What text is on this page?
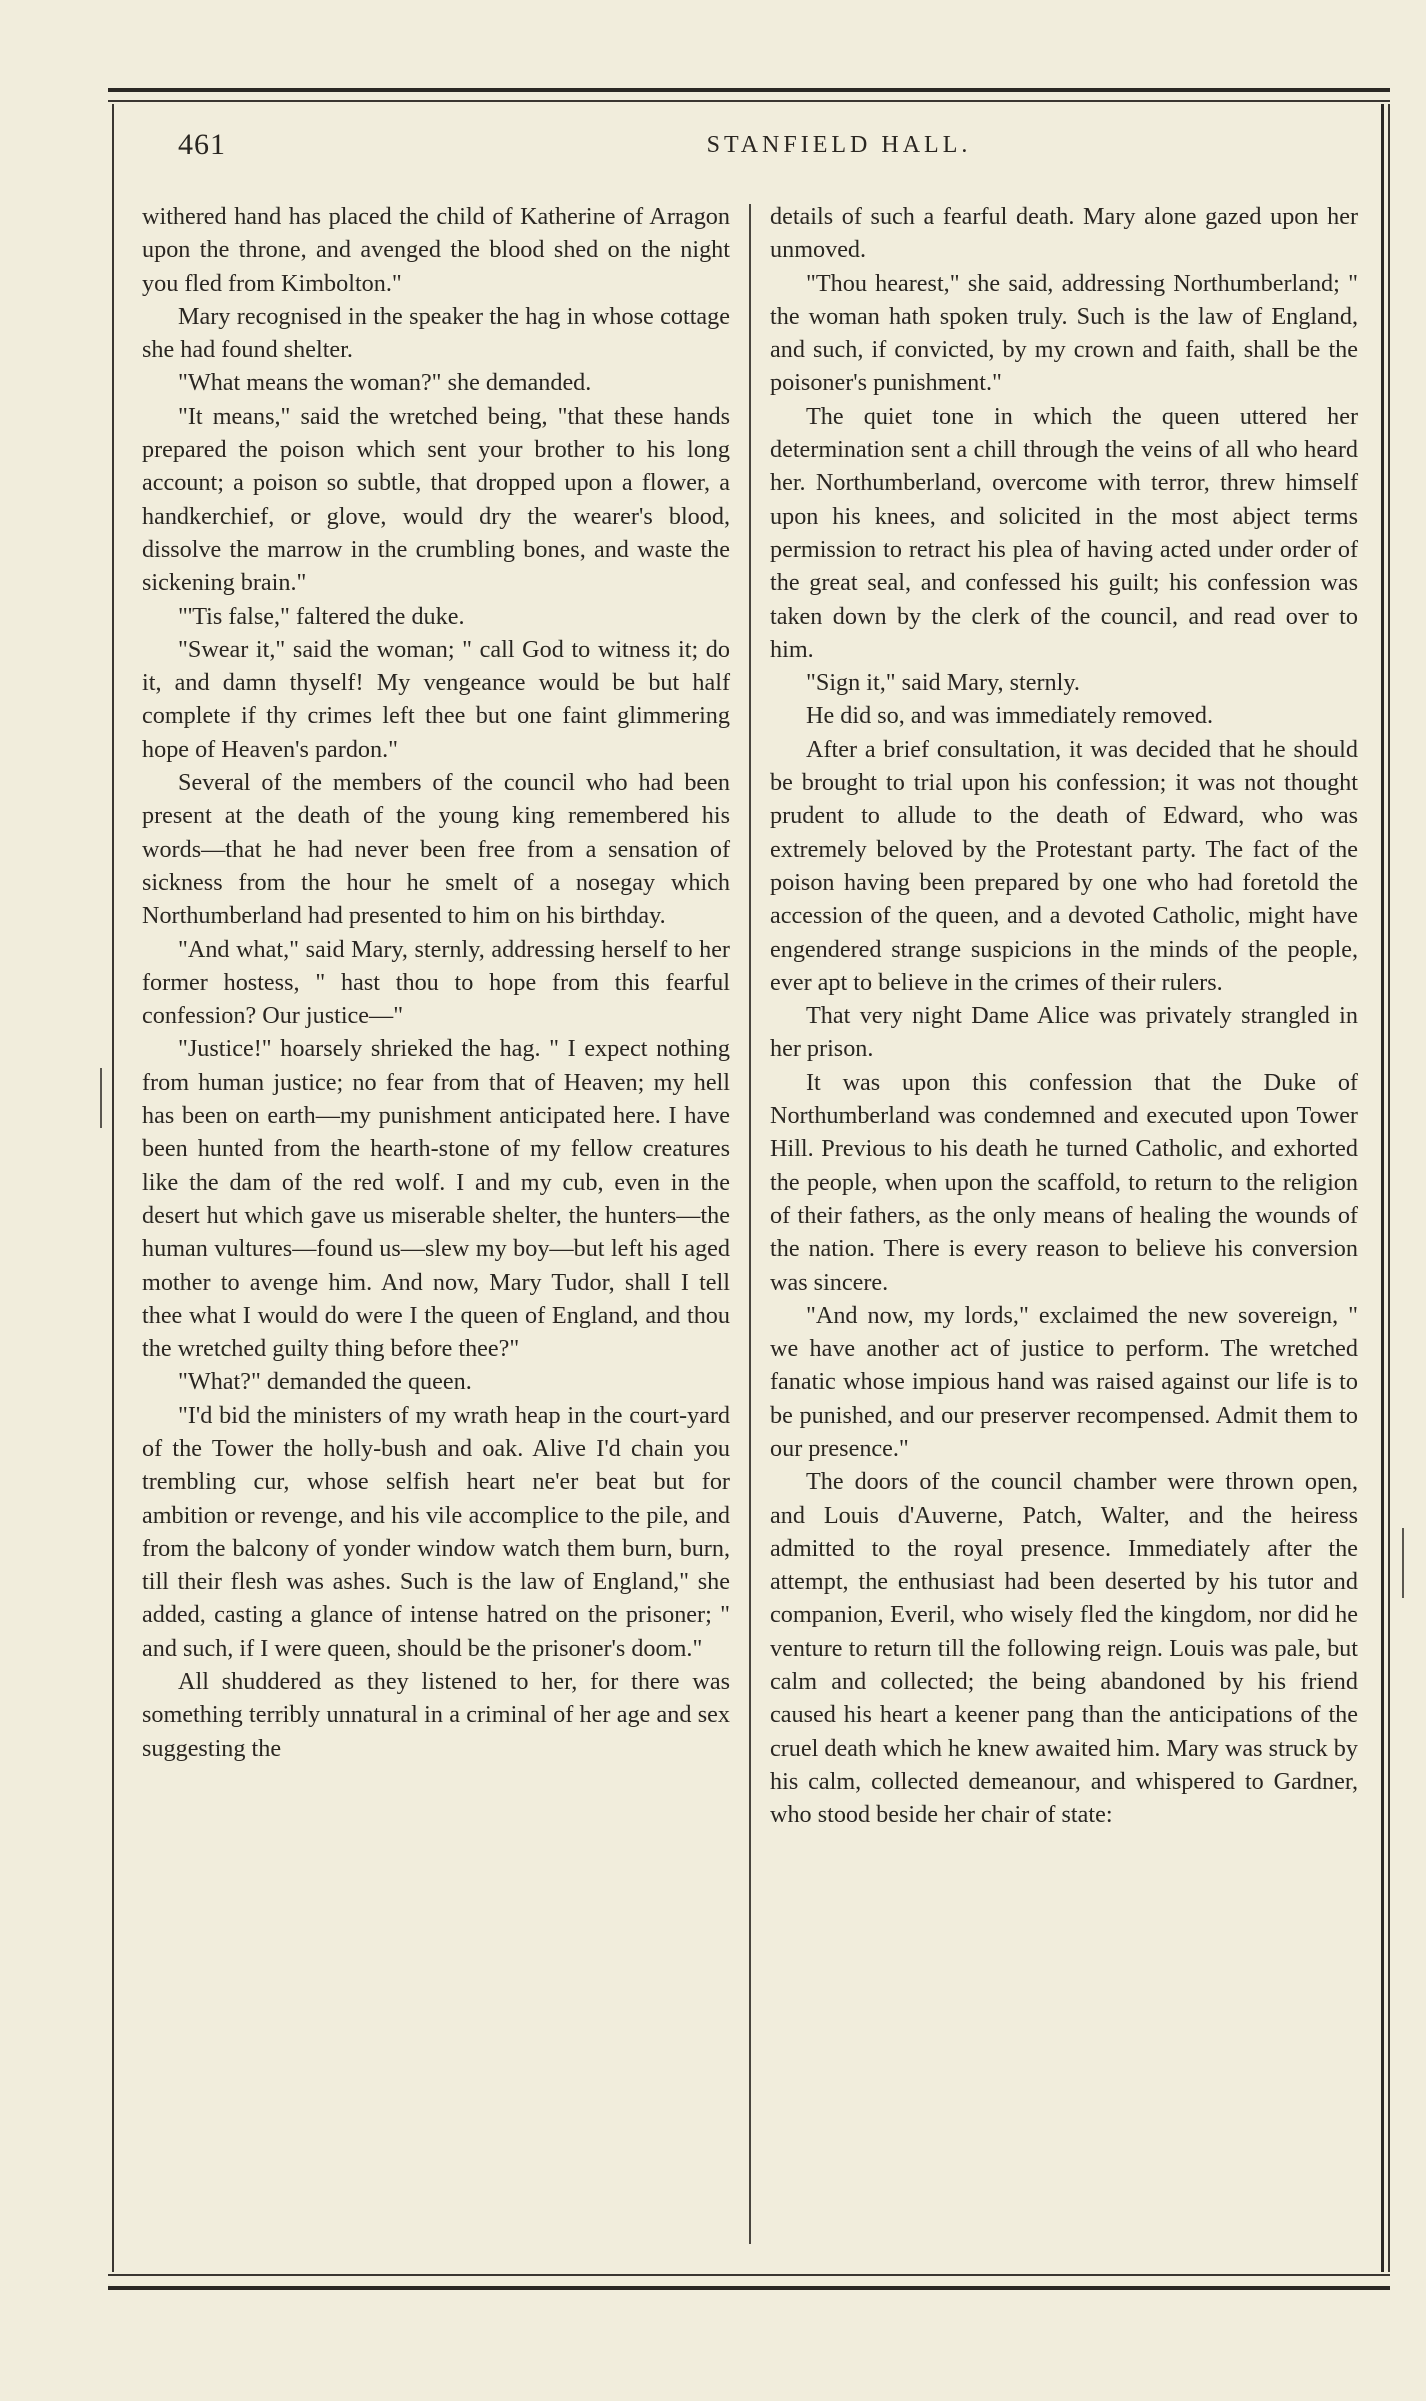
461	STANFIELD HALL.

withered hand has placed the child of Katherine of Arragon upon the throne, and avenged the blood shed on the night you fled from Kimbolton."

Mary recognised in the speaker the hag in whose cottage she had found shelter.

"What means the woman?" she demanded.

"It means," said the wretched being, "that these hands prepared the poison which sent your brother to his long account; a poison so subtle, that dropped upon a flower, a handkerchief, or glove, would dry the wearer's blood, dissolve the marrow in the crumbling bones, and waste the sickening brain."

"'Tis false," faltered the duke.

"Swear it," said the woman; " call God to witness it; do it, and damn thyself! My vengeance would be but half complete if thy crimes left thee but one faint glimmering hope of Heaven's pardon."

Several of the members of the council who had been present at the death of the young king remembered his words—that he had never been free from a sensation of sickness from the hour he smelt of a nosegay which Northumberland had presented to him on his birthday.

"And what," said Mary, sternly, addressing herself to her former hostess, " hast thou to hope from this fearful confession? Our justice—"

"Justice!" hoarsely shrieked the hag. " I expect nothing from human justice; no fear from that of Heaven; my hell has been on earth—my punishment anticipated here. I have been hunted from the hearth-stone of my fellow creatures like the dam of the red wolf. I and my cub, even in the desert hut which gave us miserable shelter, the hunters—the human vultures—found us—slew my boy—but left his aged mother to avenge him. And now, Mary Tudor, shall I tell thee what I would do were I the queen of England, and thou the wretched guilty thing before thee?"

"What?" demanded the queen.

"I'd bid the ministers of my wrath heap in the court-yard of the Tower the holly-bush and oak. Alive I'd chain you trembling cur, whose selfish heart ne'er beat but for ambition or revenge, and his vile accomplice to the pile, and from the balcony of yonder window watch them burn, burn, till their flesh was ashes. Such is the law of England," she added, casting a glance of intense hatred on the prisoner; " and such, if I were queen, should be the prisoner's doom."

All shuddered as they listened to her, for there was something terribly unnatural in a criminal of her age and sex suggesting the

details of such a fearful death. Mary alone gazed upon her unmoved.

"Thou hearest," she said, addressing Northumberland; " the woman hath spoken truly. Such is the law of England, and such, if convicted, by my crown and faith, shall be the poisoner's punishment."

The quiet tone in which the queen uttered her determination sent a chill through the veins of all who heard her. Northumberland, overcome with terror, threw himself upon his knees, and solicited in the most abject terms permission to retract his plea of having acted under order of the great seal, and confessed his guilt; his confession was taken down by the clerk of the council, and read over to him.

"Sign it," said Mary, sternly.

He did so, and was immediately removed.

After a brief consultation, it was decided that he should be brought to trial upon his confession; it was not thought prudent to allude to the death of Edward, who was extremely beloved by the Protestant party. The fact of the poison having been prepared by one who had foretold the accession of the queen, and a devoted Catholic, might have engendered strange suspicions in the minds of the people, ever apt to believe in the crimes of their rulers.

That very night Dame Alice was privately strangled in her prison.

It was upon this confession that the Duke of Northumberland was condemned and executed upon Tower Hill. Previous to his death he turned Catholic, and exhorted the people, when upon the scaffold, to return to the religion of their fathers, as the only means of healing the wounds of the nation. There is every reason to believe his conversion was sincere.

"And now, my lords," exclaimed the new sovereign, " we have another act of justice to perform. The wretched fanatic whose impious hand was raised against our life is to be punished, and our preserver recompensed. Admit them to our presence."

The doors of the council chamber were thrown open, and Louis d'Auverne, Patch, Walter, and the heiress admitted to the royal presence. Immediately after the attempt, the enthusiast had been deserted by his tutor and companion, Everil, who wisely fled the kingdom, nor did he venture to return till the following reign. Louis was pale, but calm and collected; the being abandoned by his friend caused his heart a keener pang than the anticipations of the cruel death which he knew awaited him. Mary was struck by his calm, collected demeanour, and whispered to Gardner, who stood beside her chair of state:
